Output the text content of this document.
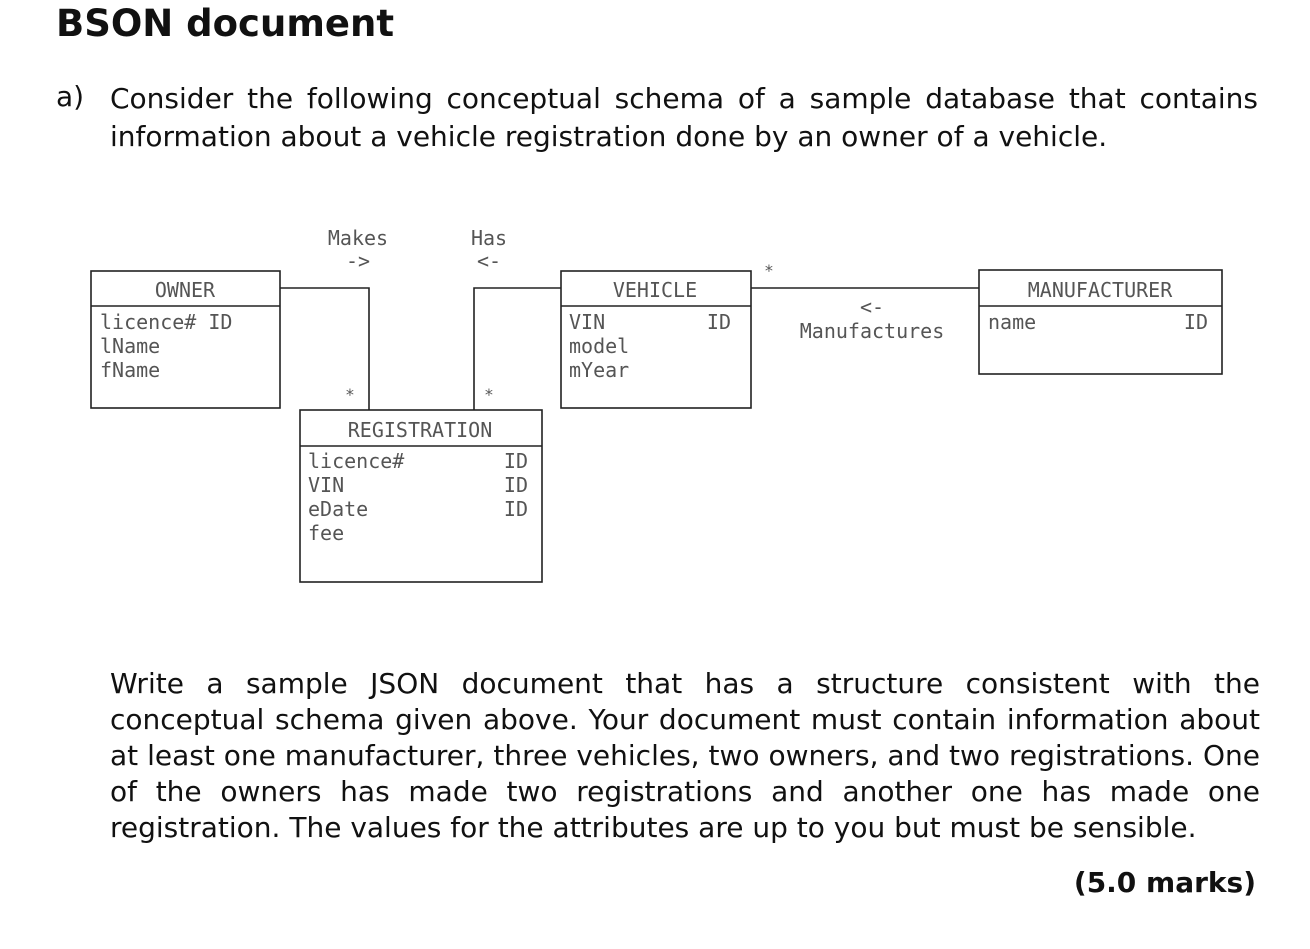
BSON document
a) Consider the following conceptual schema of a sample database that contains information about a vehicle registration done by an owner of a vehicle.

Makes
->
Has
<-
<-
Manufactures
*	*
*
OWNER
licence# ID
lName
fName
VEHICLE
VIN	ID
model
mYear
MANUFACTURER
name	ID
REGISTRATION
licence#	ID
VIN	ID
eDate	ID
fee

Write a sample JSON document that has a structure consistent with the conceptual schema given above. Your document must contain information about at least one manufacturer, three vehicles, two owners, and two registrations. One of the owners has made two registrations and another one has made one registration. The values for the attributes are up to you but must be sensible.

(5.0 marks)
